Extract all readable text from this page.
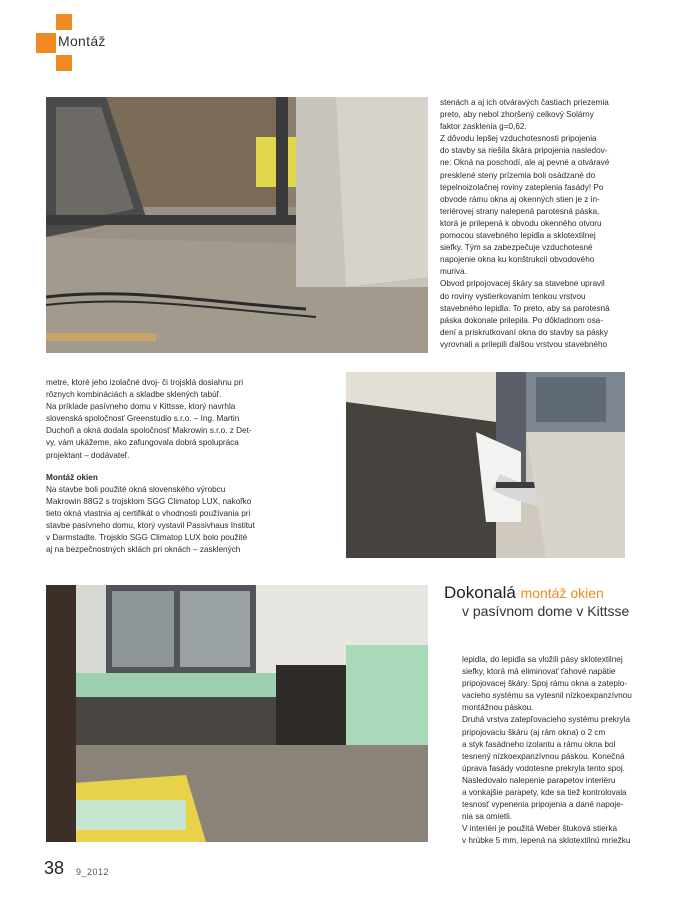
Montáž

stenách a aj ich otváravých častiach priezemia

preto, aby nebol zhoršený celkový Solárny

faktor zasklenia g=0,62.

Z dôvodu lepšej vzduchotesnosti pripojenia

do stavby sa riešila škára pripojenia nasledov-

ne: Okná na poschodí, ale aj pevné a otváravé

presklené steny prízemia boli osádzané do

tepelnoizolačnej roviny zateplenia fasády! Po

obvode rámu okna aj okenných stien je z in-

teriérovej strany nalepená parotesná páska,

ktorá je prilepená k obvodu okenného otvoru

pomocou stavebného lepidla a sklotextilnej

siefky. Tým sa zabezpečuje vzduchotesné

napojenie okna ku konštrukcii obvodového

muriva.

Obvod pripojovacej škáry sa stavebne upravil

do roviny vystierkovaním tenkou vrstvou

stavebného lepidla. To preto, aby sa parotesná

páska dokonale prilepila. Po dôkladnom osa-

dení a priskrutkovaní okna do stavby sa pásky

vyrovnali a prilepili ďalšou vrstvou stavebného

metre, ktoré jeho izolačné dvoj- či trojsklá dosiahnu pri

rôznych kombináciách a skladbe sklených tabúľ.

Na príklade pasívneho domu v Kittsse, ktorý navrhla

slovenská spoločnosť Greenstudio s.r.o. – Ing. Martin

Duchoň a okná dodala spoločnosť Makrowin s.r.o. z Det-

vy, vám ukážeme, ako zafungovala dobrá spolupráca

projektant – dodávateľ.

Montáž okien

Na stavbe boli použité okná slovenského výrobcu

Makrowin 88G2 s trojsklom SGG Climatop LUX, nakoľko

tieto okná vlastnia aj certifikát o vhodnosti používania pri

stavbe pasívneho domu, ktorý vystavil Passivhaus Institut

v Darmstadte. Trojsklo SGG Climatop LUX bolo použité

aj na bezpečnostných sklách pri oknách – zasklených

Dokonalá montáž okien
v pasívnom dome v Kittsse

lepidla, do lepidla sa vložili pásy sklotextilnej

siefky, ktorá má eliminovať ťahové napätie

pripojovacej škáry. Spoj rámu okna a zateplo-

vacieho systému sa vytesnil nízkoexpanzívnou

montážnou páskou.

Druhá vrstva zatepľovacieho systému prekryla

pripojovaciu škáru (aj rám okna) o 2 cm

a styk fasádneho izolantu a rámu okna bol

tesnený nízkoexpanzívnou páskou. Konečná

úprava fasády vodotesne prekryla tento spoj.

Nasledovalo nalepenie parapetov interiéru

a vonkajšie parapety, kde sa tiež kontrolovala

tesnosť vypenenia pripojenia a dané napoje-

nia sa omietli.

V interiéri je použitá Weber štuková stierka

v hrúbke 5 mm, lepená na sklotextilnú mriežku

38 9_2012
